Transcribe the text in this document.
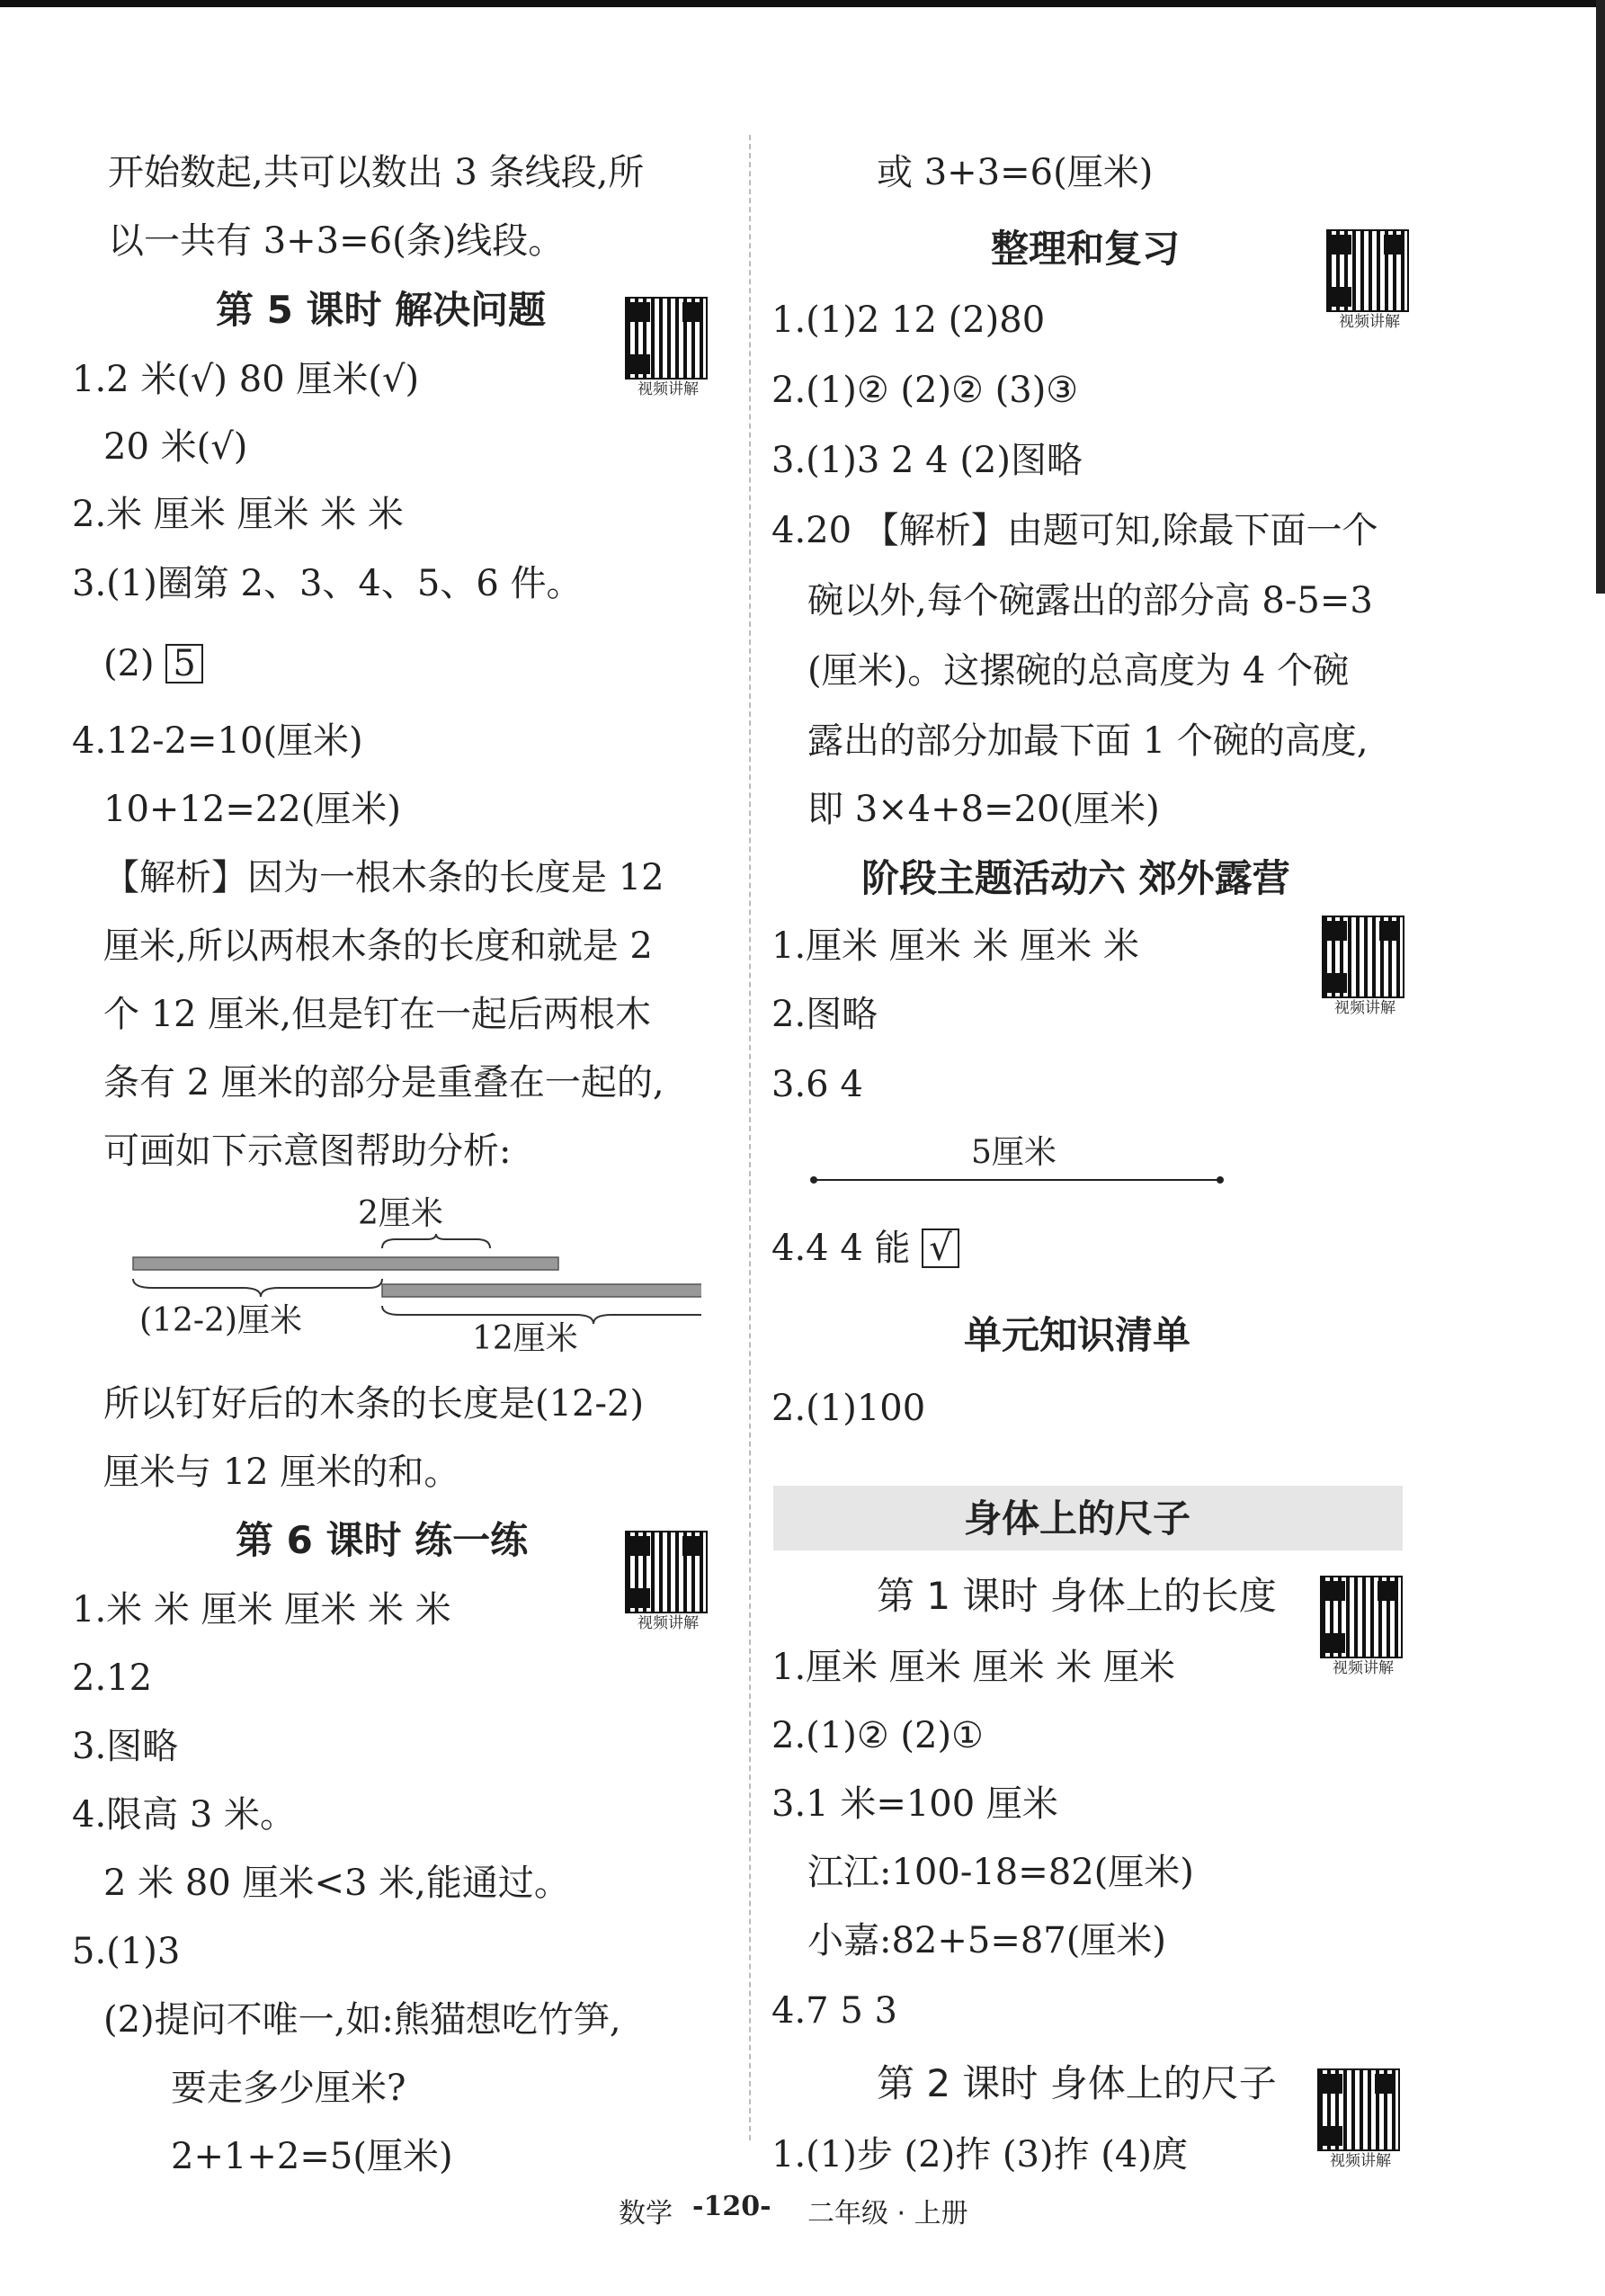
开始数起,共可以数出 3 条线段,所
以一共有 3+3=6(条)线段。
第 5 课时 解决问题
视频讲解
1.2 米(√) 80 厘米(√)
20 米(√)
2.米 厘米 厘米 米 米
3.(1)圈第 2、3、4、5、6 件。
(2) 5
4.12-2=10(厘米)
10+12=22(厘米)
【解析】因为一根木条的长度是 12
厘米,所以两根木条的长度和就是 2
个 12 厘米,但是钉在一起后两根木
条有 2 厘米的部分是重叠在一起的,
可画如下示意图帮助分析:
2厘米
(12-2)厘米	12厘米
所以钉好后的木条的长度是(12-2)
厘米与 12 厘米的和。
第 6 课时 练一练
视频讲解
1.米 米 厘米 厘米 米 米
2.12
3.图略
4.限高 3 米。
2 米 80 厘米<3 米,能通过。
5.(1)3
(2)提问不唯一,如:熊猫想吃竹笋,
要走多少厘米?
2+1+2=5(厘米)
或 3+3=6(厘米)
整理和复习
视频讲解
1.(1)2 12 (2)80
2.(1)② (2)② (3)③
3.(1)3 2 4 (2)图略
4.20 【解析】由题可知,除最下面一个
碗以外,每个碗露出的部分高 8-5=3
(厘米)。这摞碗的总高度为 4 个碗
露出的部分加最下面 1 个碗的高度,
即 3×4+8=20(厘米)
阶段主题活动六 郊外露营
视频讲解
1.厘米 厘米 米 厘米 米
2.图略
3.6 4
5厘米
4.4 4 能 √
单元知识清单
2.(1)100
身体上的尺子
第 1 课时 身体上的长度
视频讲解
1.厘米 厘米 厘米 米 厘米
2.(1)② (2)①
3.1 米=100 厘米
江江:100-18=82(厘米)
小嘉:82+5=87(厘米)
4.7 5 3
第 2 课时 身体上的尺子
视频讲解
1.(1)步 (2)拃 (3)拃 (4)庹
数学 -120- 二年级 · 上册
